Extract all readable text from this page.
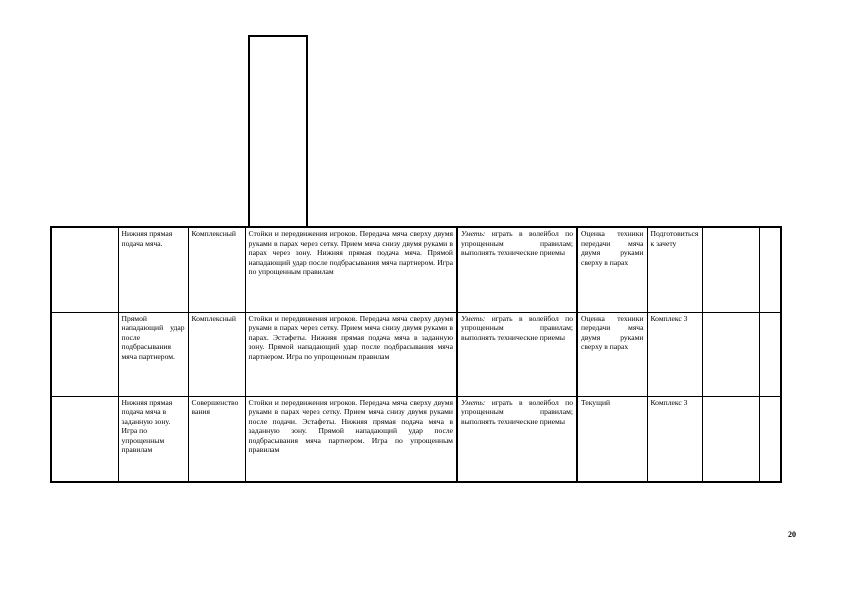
	Нижняя прямая подача мяча.	Комплексный	Стойки и передвижения игроков. Передача мяча сверху двумя руками в парах через сетку. Прием мяча снизу двумя руками в парах через зону. Нижняя прямая подача мяча. Прямой нападающий удар после подбрасывания мяча партнером. Игра по упрощенным правилам	Уметь: играть в волейбол по упрощенным правилам; выполнять технические приемы	Оценка техники передачи мяча двумя руками сверху в парах	Подготовиться к зачету		
	Прямой нападающий удар после подбрасывания мяча партнером.	Комплексный	Стойки и передвижения игроков. Передача мяча сверху двумя руками в парах через сетку. Прием мяча снизу двумя руками в парах. Эстафеты. Нижняя прямая подача мяча в заданную зону. Прямой нападающий удар после подбрасывания мяча партнером. Игра по упрощенным правилам	Уметь: играть в волейбол по упрощенным правилам; выполнять технические приемы	Оценка техники передачи мяча двумя руками сверху в парах	Комплекс 3		
	Нижняя прямая подача мяча в заданную зону. Игра по упрощенным правилам	Совершенствования	Стойки и передвижения игроков. Передача мяча сверху двумя руками в парах через сетку. Прием мяча снизу двумя руками после подачи. Эстафеты. Нижняя прямая подача мяча в заданную зону. Прямой нападающий удар после подбрасывания мяча партнером. Игра по упрощенным правилам	Уметь: играть в волейбол по упрощенным правилам; выполнять технические приемы	Текущий	Комплекс 3		
20
